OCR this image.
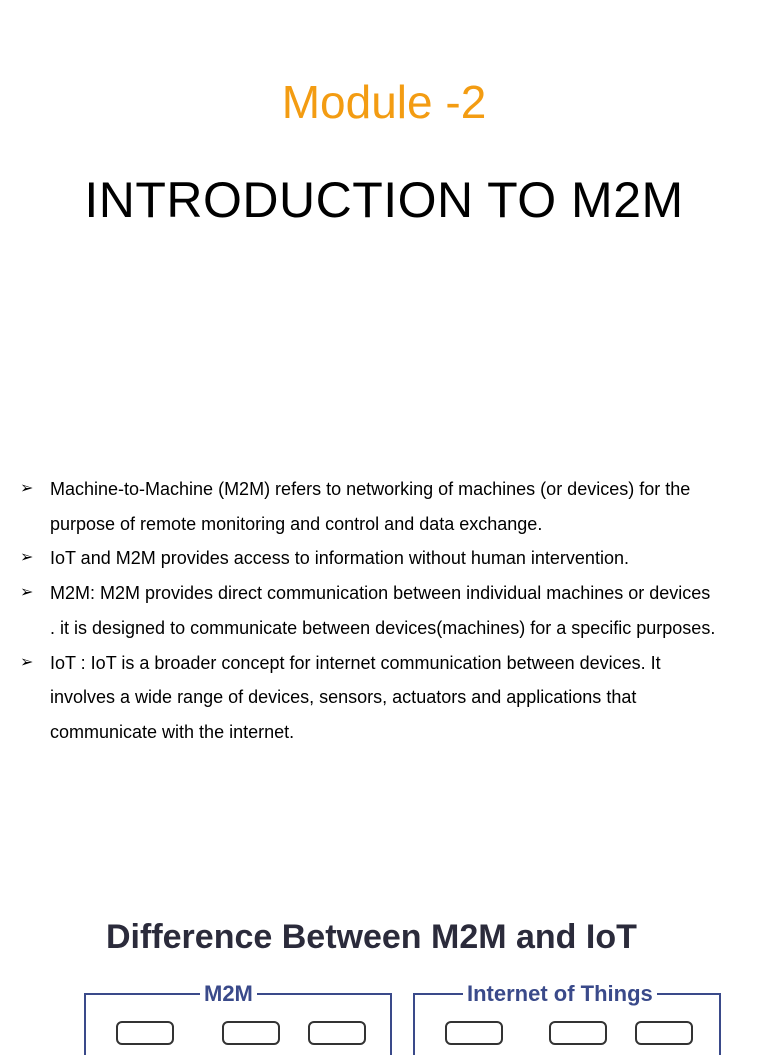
Module -2
INTRODUCTION TO M2M
➢ Machine-to-Machine (M2M) refers to networking of machines (or devices) for the purpose of remote monitoring and control and data exchange.
➢ IoT and M2M provides access to information without human intervention.
➢ M2M: M2M provides direct communication between individual machines or devices . it is designed to communicate between devices(machines) for a specific purposes.
➢ IoT : IoT is a broader concept for internet communication between devices. It involves a wide range of devices, sensors, actuators and applications that communicate with the internet.
Difference Between M2M and IoT
M2M	Internet of Things
